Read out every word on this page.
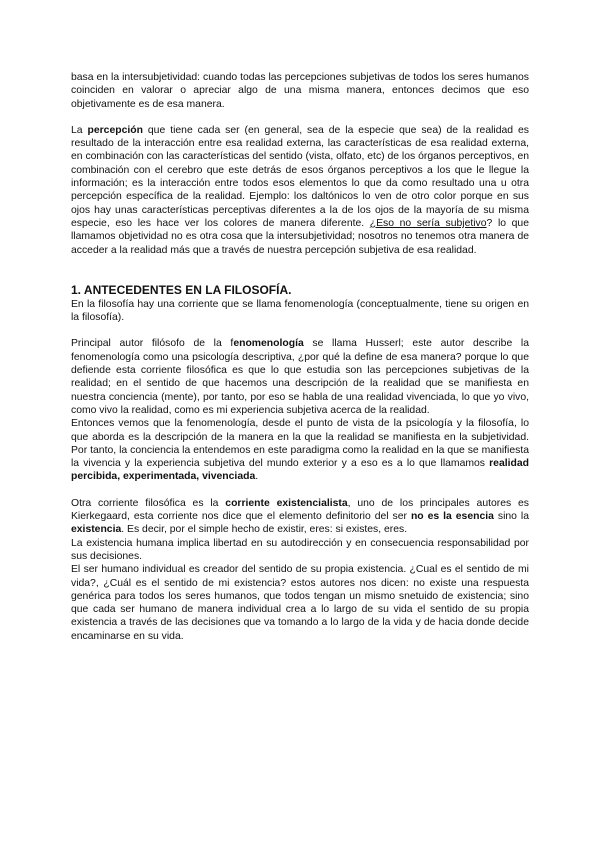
basa en la intersubjetividad: cuando todas las percepciones subjetivas de todos los seres humanos coinciden en valorar o apreciar algo de una misma manera, entonces decimos que eso objetivamente es de esa manera.

La percepción que tiene cada ser (en general, sea de la especie que sea) de la realidad es resultado de la interacción entre esa realidad externa, las características de esa realidad externa, en combinación con las características del sentido (vista, olfato, etc) de los órganos perceptivos, en combinación con el cerebro que este detrás de esos órganos perceptivos a los que le llegue la información; es la interacción entre todos esos elementos lo que da como resultado una u otra percepción específica de la realidad. Ejemplo: los daltónicos lo ven de otro color porque en sus ojos hay unas características perceptivas diferentes a la de los ojos de la mayoría de su misma especie, eso les hace ver los colores de manera diferente. ¿Eso no sería subjetivo? lo que llamamos objetividad no es otra cosa que la intersubjetividad; nosotros no tenemos otra manera de acceder a la realidad más que a través de nuestra percepción subjetiva de esa realidad.

1. ANTECEDENTES EN LA FILOSOFÍA.

En la filosofía hay una corriente que se llama fenomenología (conceptualmente, tiene su origen en la filosofía).

Principal autor filósofo de la fenomenología se llama Husserl; este autor describe la fenomenología como una psicología descriptiva, ¿por qué la define de esa manera? porque lo que defiende esta corriente filosófica es que lo que estudia son las percepciones subjetivas de la realidad; en el sentido de que hacemos una descripción de la realidad que se manifiesta en nuestra conciencia (mente), por tanto, por eso se habla de una realidad vivenciada, lo que yo vivo, como vivo la realidad, como es mi experiencia subjetiva acerca de la realidad.

Entonces vemos que la fenomenología, desde el punto de vista de la psicología y la filosofía, lo que aborda es la descripción de la manera en la que la realidad se manifiesta en la subjetividad. Por tanto, la conciencia la entendemos en este paradigma como la realidad en la que se manifiesta la vivencia y la experiencia subjetiva del mundo exterior y a eso es a lo que llamamos realidad percibida, experimentada, vivenciada.

Otra corriente filosófica es la corriente existencialista, uno de los principales autores es Kierkegaard, esta corriente nos dice que el elemento definitorio del ser no es la esencia sino la existencia. Es decir, por el simple hecho de existir, eres: si existes, eres.

La existencia humana implica libertad en su autodirección y en consecuencia responsabilidad por sus decisiones.

El ser humano individual es creador del sentido de su propia existencia. ¿Cual es el sentido de mi vida?, ¿Cuál es el sentido de mi existencia? estos autores nos dicen: no existe una respuesta genérica para todos los seres humanos, que todos tengan un mismo snetuido de existencia; sino que cada ser humano de manera individual crea a lo largo de su vida el sentido de su propia existencia a través de las decisiones que va tomando a lo largo de la vida y de hacia donde decide encaminarse en su vida.
